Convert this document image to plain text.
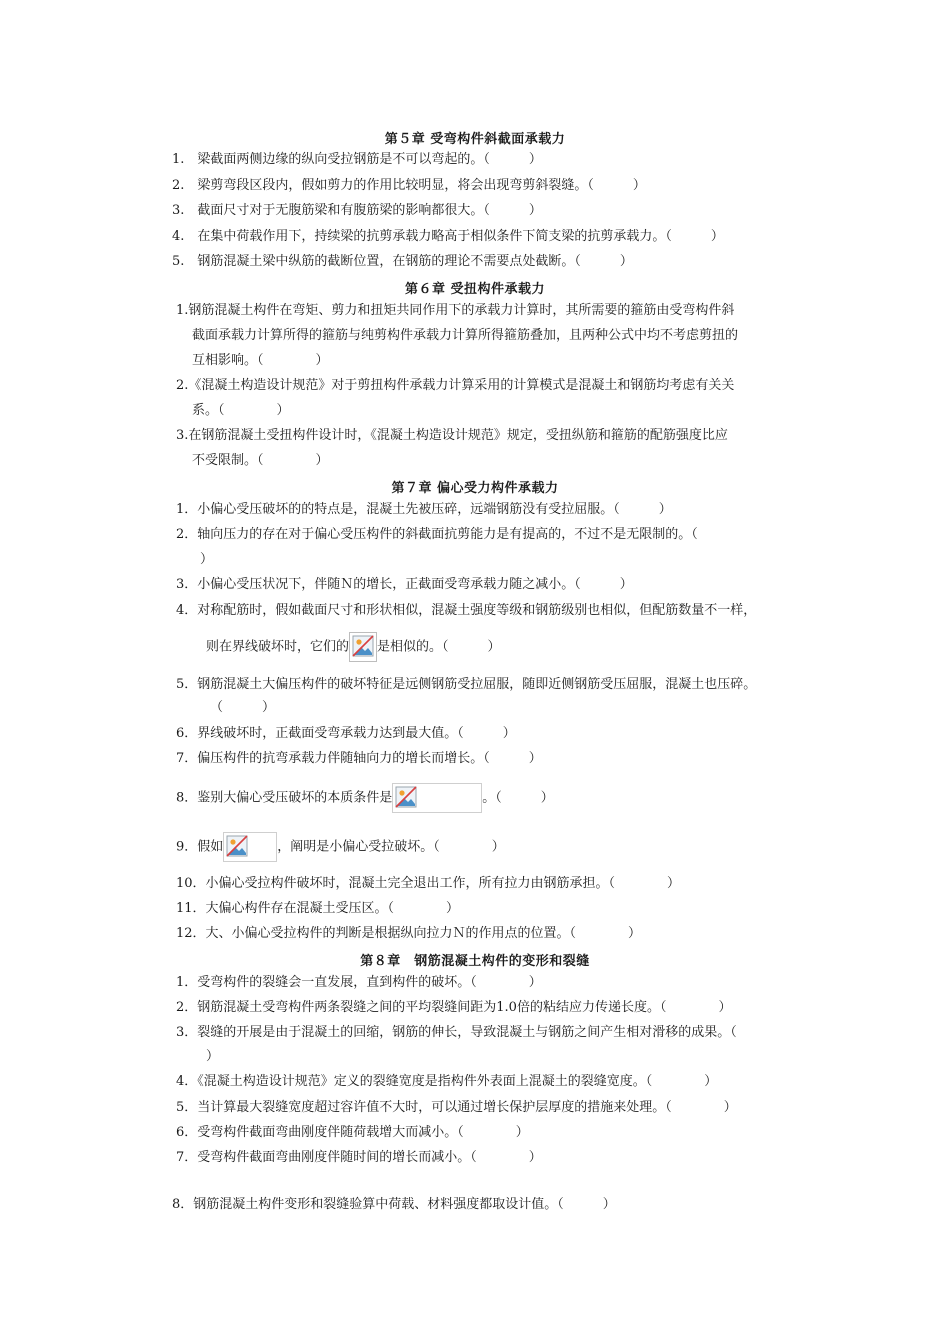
第５章 受弯构件斜截面承载力
1.　梁截面两侧边缘的纵向受拉钢筋是不可以弯起的。（　　　）
2.　梁剪弯段区段内，假如剪力的作用比较明显，将会出现弯剪斜裂缝。（　　　）
3.　截面尺寸对于无腹筋梁和有腹筋梁的影响都很大。（　　　）
4.　在集中荷载作用下，持续梁的抗剪承载力略高于相似条件下简支梁的抗剪承载力。（　　　）
5.　钢筋混凝土梁中纵筋的截断位置，在钢筋的理论不需要点处截断。（　　　）
第６章 受扭构件承载力
1.钢筋混凝土构件在弯矩、剪力和扭矩共同作用下的承载力计算时，其所需要的箍筋由受弯构件斜
截面承载力计算所得的箍筋与纯剪构件承载力计算所得箍筋叠加，且两种公式中均不考虑剪扭的
互相影响。（　　　　）
2.《混凝土构造设计规范》对于剪扭构件承载力计算采用的计算模式是混凝土和钢筋均考虑有关关
系。（　　　　）
3.在钢筋混凝土受扭构件设计时，《混凝土构造设计规范》规定，受扭纵筋和箍筋的配筋强度比应
不受限制。（　　　　）
第７章 偏心受力构件承载力
1．小偏心受压破坏的的特点是，混凝土先被压碎，远端钢筋没有受拉屈服。（　　　）
2．轴向压力的存在对于偏心受压构件的斜截面抗剪能力是有提高的，不过不是无限制的。（
）
3．小偏心受压状况下，伴随Ｎ的增长，正截面受弯承载力随之减小。（　　　）
4．对称配筋时，假如截面尺寸和形状相似，混凝土强度等级和钢筋级别也相似，但配筋数量不一样，
则在界线破坏时，它们的 是相似的。（　　　）
5．钢筋混凝土大偏压构件的破坏特征是远侧钢筋受拉屈服，随即近侧钢筋受压屈服，混凝土也压碎。
（　　　）
6．界线破坏时，正截面受弯承载力达到最大值。（　　　）
7．偏压构件的抗弯承载力伴随轴向力的增长而增长。（　　　）
8．鉴别大偏心受压破坏的本质条件是	。（　　　）
9．假如	，阐明是小偏心受拉破坏。（　　　　）
10．小偏心受拉构件破坏时，混凝土完全退出工作，所有拉力由钢筋承担。（　　　　）
11．大偏心构件存在混凝土受压区。（　　　　）
12．大、小偏心受拉构件的判断是根据纵向拉力Ｎ的作用点的位置。（　　　　）
第８章　钢筋混凝土构件的变形和裂缝
1．受弯构件的裂缝会一直发展，直到构件的破坏。（　　　　）
2．钢筋混凝土受弯构件两条裂缝之间的平均裂缝间距为1.0倍的粘结应力传递长度。（　　　　）
3．裂缝的开展是由于混凝土的回缩，钢筋的伸长，导致混凝土与钢筋之间产生相对滑移的成果。（
）
4．《混凝土构造设计规范》定义的裂缝宽度是指构件外表面上混凝土的裂缝宽度。（　　　　）
5．当计算最大裂缝宽度超过容许值不大时，可以通过增长保护层厚度的措施来处理。（　　　　）
6．受弯构件截面弯曲刚度伴随荷载增大而减小。（　　　　）
7．受弯构件截面弯曲刚度伴随时间的增长而减小。（　　　　）
8．钢筋混凝土构件变形和裂缝验算中荷载、材料强度都取设计值。（　　　）
